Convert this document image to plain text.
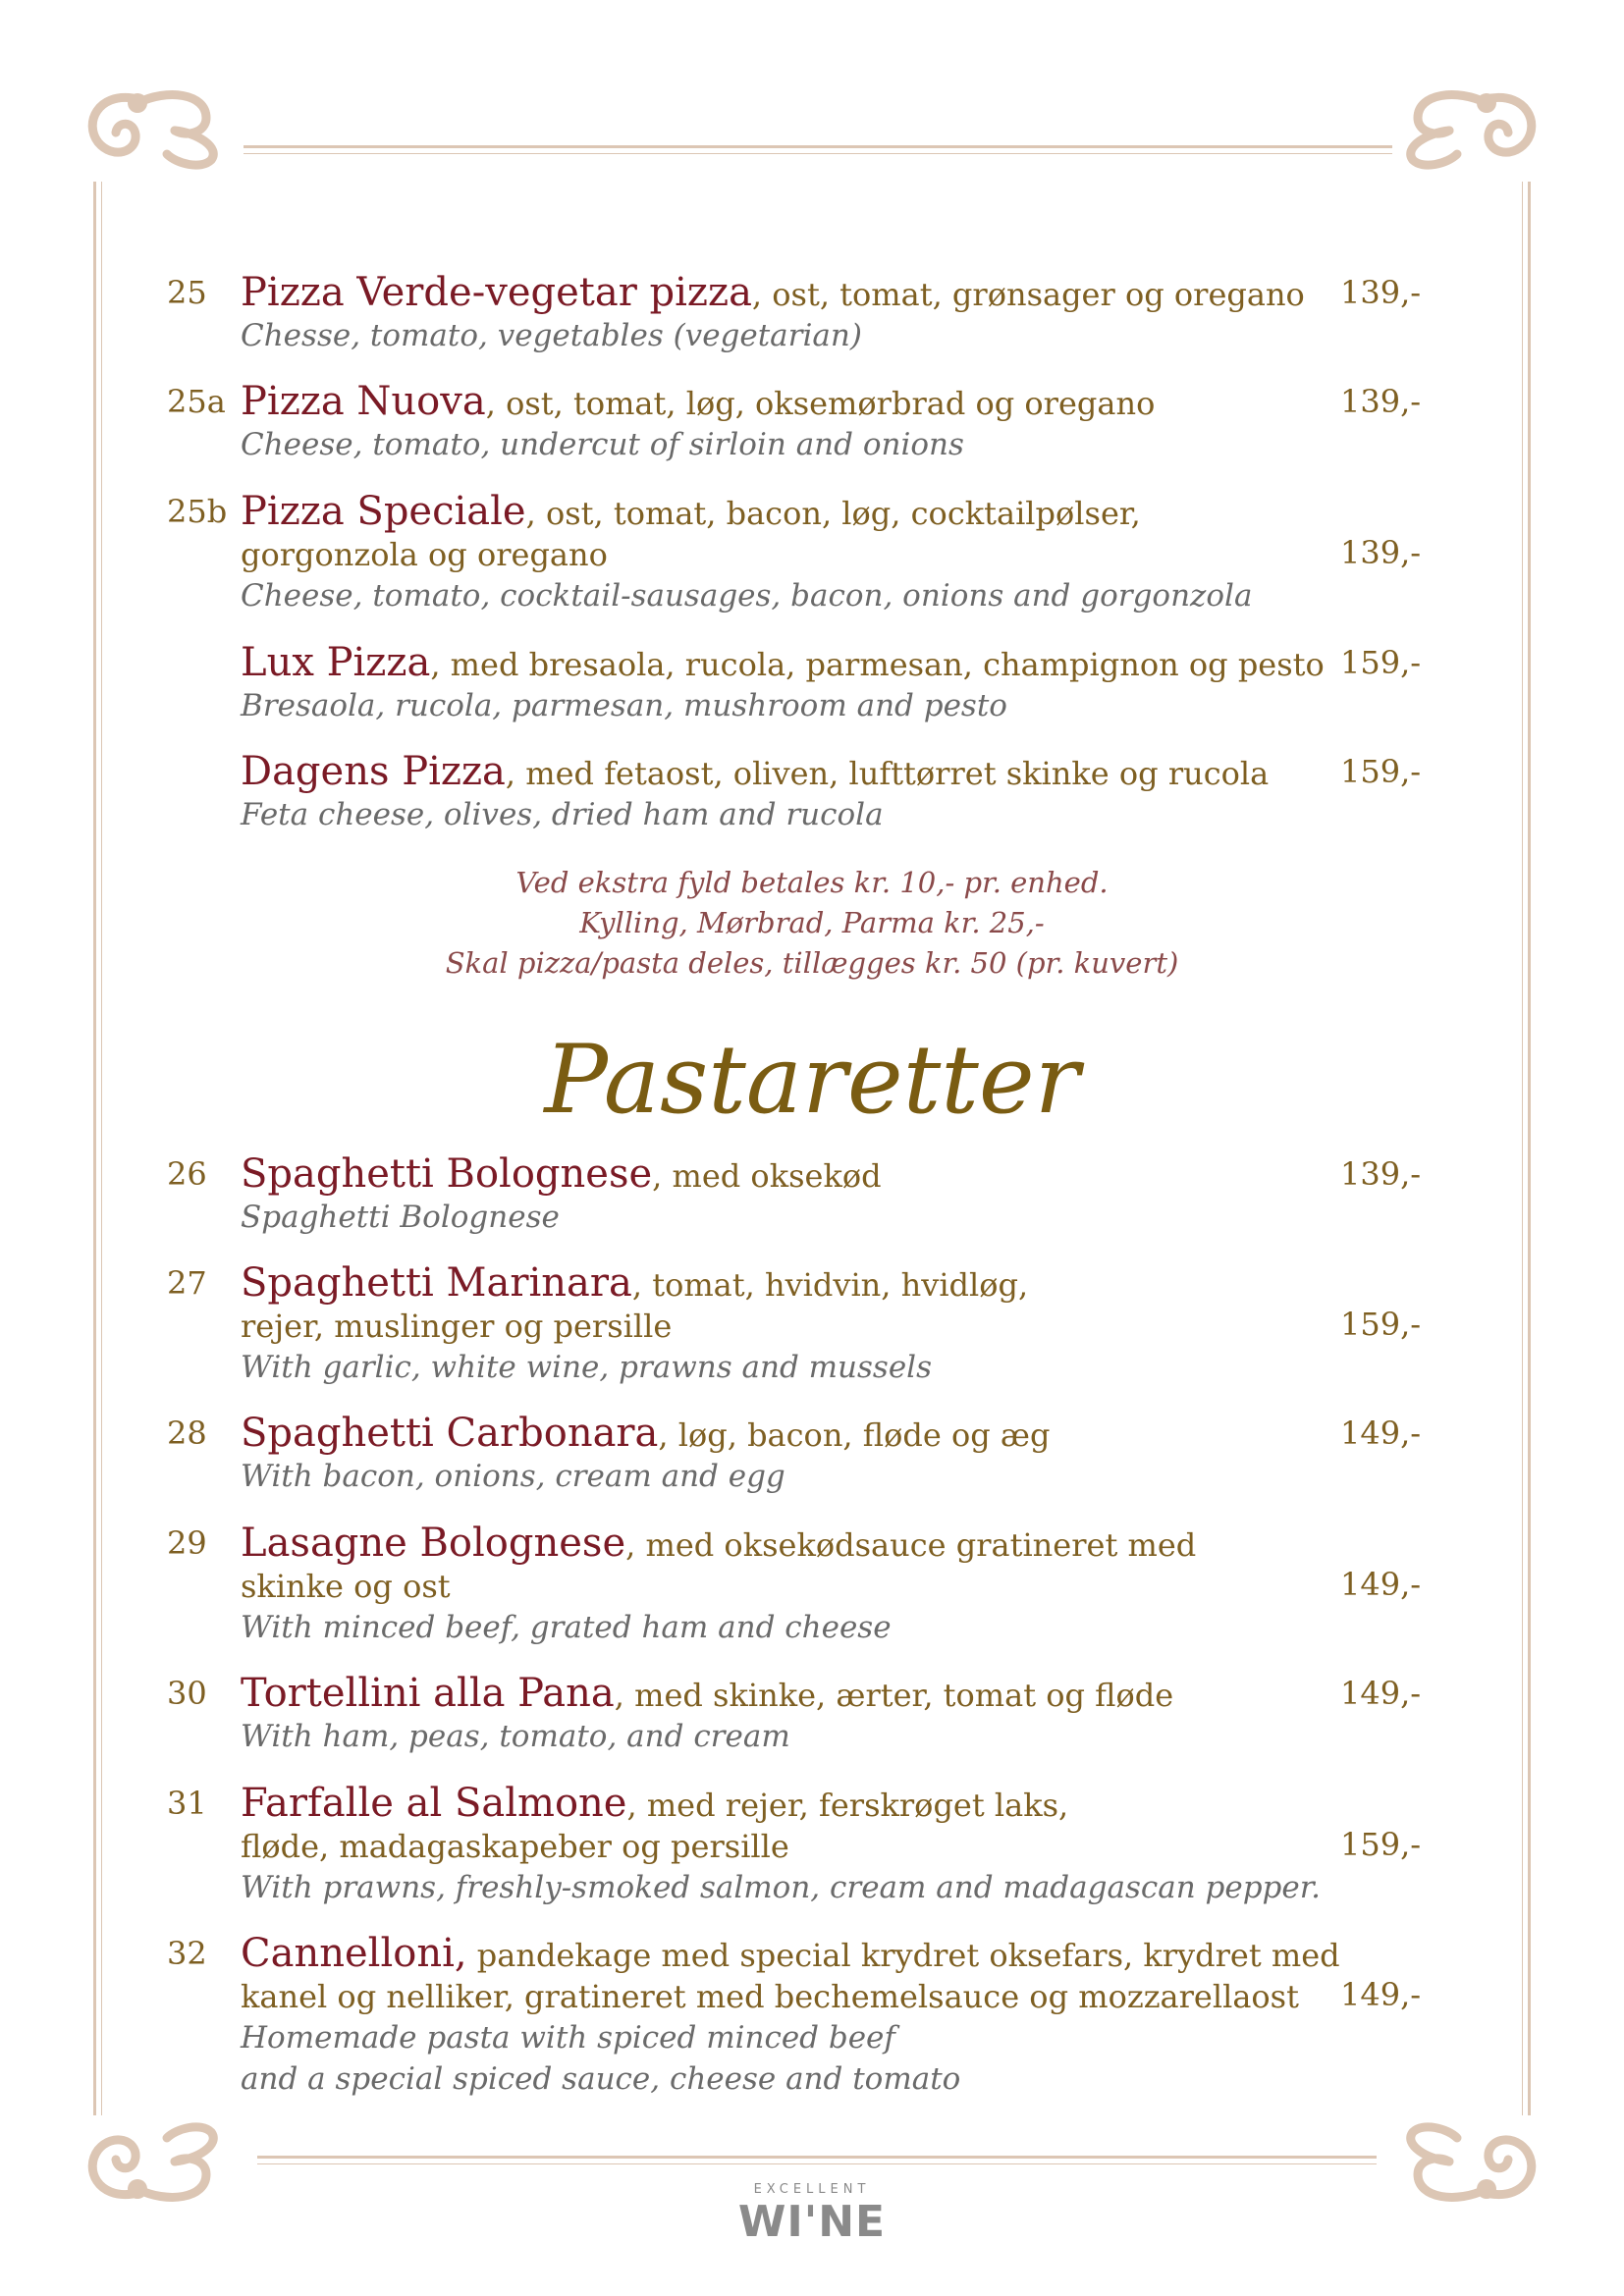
25 Pizza Verde-vegetar pizza, ost, tomat, grønsager og oregano
Chesse, tomato, vegetables (vegetarian)
139,-
25a Pizza Nuova, ost, tomat, løg, oksemørbrad og oregano
Cheese, tomato, undercut of sirloin and onions
139,-
25b Pizza Speciale, ost, tomat, bacon, løg, cocktailpølser,
gorgonzola og oregano
Cheese, tomato, cocktail-sausages, bacon, onions and gorgonzola
139,-
Lux Pizza, med bresaola, rucola, parmesan, champignon og pesto
Bresaola, rucola, parmesan, mushroom and pesto
159,-
Dagens Pizza, med fetaost, oliven, lufttørret skinke og rucola
Feta cheese, olives, dried ham and rucola
159,-
Ved ekstra fyld betales kr. 10,- pr. enhed.
Kylling, Mørbrad, Parma kr. 25,-
Skal pizza/pasta deles, tillægges kr. 50 (pr. kuvert)
Pastaretter
26 Spaghetti Bolognese, med oksekød
Spaghetti Bolognese
139,-
27 Spaghetti Marinara, tomat, hvidvin, hvidløg,
rejer, muslinger og persille
With garlic, white wine, prawns and mussels
159,-
28 Spaghetti Carbonara, løg, bacon, fløde og æg
With bacon, onions, cream and egg
149,-
29 Lasagne Bolognese, med oksekødsauce gratineret med
skinke og ost
With minced beef, grated ham and cheese
149,-
30 Tortellini alla Pana, med skinke, ærter, tomat og fløde
With ham, peas, tomato, and cream
149,-
31 Farfalle al Salmone, med rejer, ferskrøget laks,
fløde, madagaskapeber og persille
With prawns, freshly-smoked salmon, cream and madagascan pepper.
159,-
32 Cannelloni, pandekage med special krydret oksefars, krydret med
kanel og nelliker, gratineret med bechemelsauce og mozzarellaost
Homemade pasta with spiced minced beef
and a special spiced sauce, cheese and tomato
149,-
EXCELLENT
WI'NE
